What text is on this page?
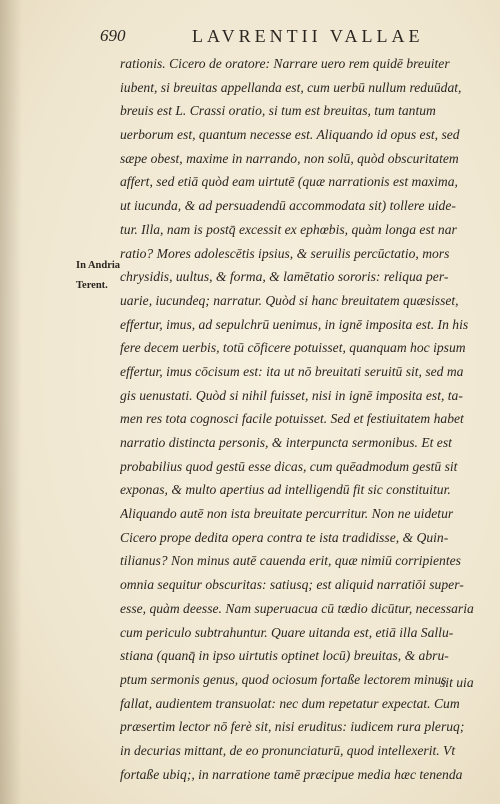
690	LAVRENTII VALLAE
In Andria
Terent.
rationis. Cicero de oratore: Narrare uero rem quidē breuiter
iubent, si breuitas appellanda est, cum uerbū nullum reduūdat,
breuis est L. Crassi oratio, si tum est breuitas, tum tantum
uerborum est, quantum necesse est. Aliquando id opus est, sed
sæpe obest, maxime in narrando, non solū, quòd obscuritatem
affert, sed etiā quòd eam uirtutē (quæ narrationis est maxima,
ut iucunda, & ad persuadendū accommodata sit) tollere uide-
tur. Illa, nam is postq̄ excessit ex ephœbis, quàm longa est nar
ratio? Mores adolescētis ipsius, & seruilis percūctatio, mors
chrysidis, uultus, & forma, & lamētatio sororis: reliqua per-
uarie, iucundeq; narratur. Quòd si hanc breuitatem quæsisset,
effertur, imus, ad sepulchrū uenimus, in ignē imposita est. In his
fere decem uerbis, totū cōficere potuisset, quanquam hoc ipsum
effertur, imus cōcisum est: ita ut nō breuitati seruitū sit, sed ma
gis uenustati. Quòd si nihil fuisset, nisi in ignē imposita est, ta-
men res tota cognosci facile potuisset. Sed et festiuitatem habet
narratio distincta personis, & interpuncta sermonibus. Et est
probabilius quod gestū esse dicas, cum quēadmodum gestū sit
exponas, & multo apertius ad intelligendū fit sic constituitur.
Aliquando autē non ista breuitate percurritur. Non ne uidetur
Cicero prope dedita opera contra te ista tradidisse, & Quin-
tilianus? Non minus autē cauenda erit, quæ nimiū corripientes
omnia sequitur obscuritas: satiusq; est aliquid narratiōi super-
esse, quàm deesse. Nam superuacua cū tædio dicūtur, necessaria
cum periculo subtrahuntur. Quare uitanda est, etiā illa Sallu-
stiana (quanq̄ in ipso uirtutis optinet locū) breuitas, & abru-
ptum sermonis genus, quod ociosum fortaße lectorem minus
fallat, audientem transuolat: nec dum repetatur expectat. Cum
præsertim lector nō ferè sit, nisi eruditus: iudicem rura pleruq;
in decurias mittant, de eo pronunciaturū, quod intellexerit. Vt
fortaße ubiq;, in narratione tamē præcipue media hæc tenenda
sit uia
